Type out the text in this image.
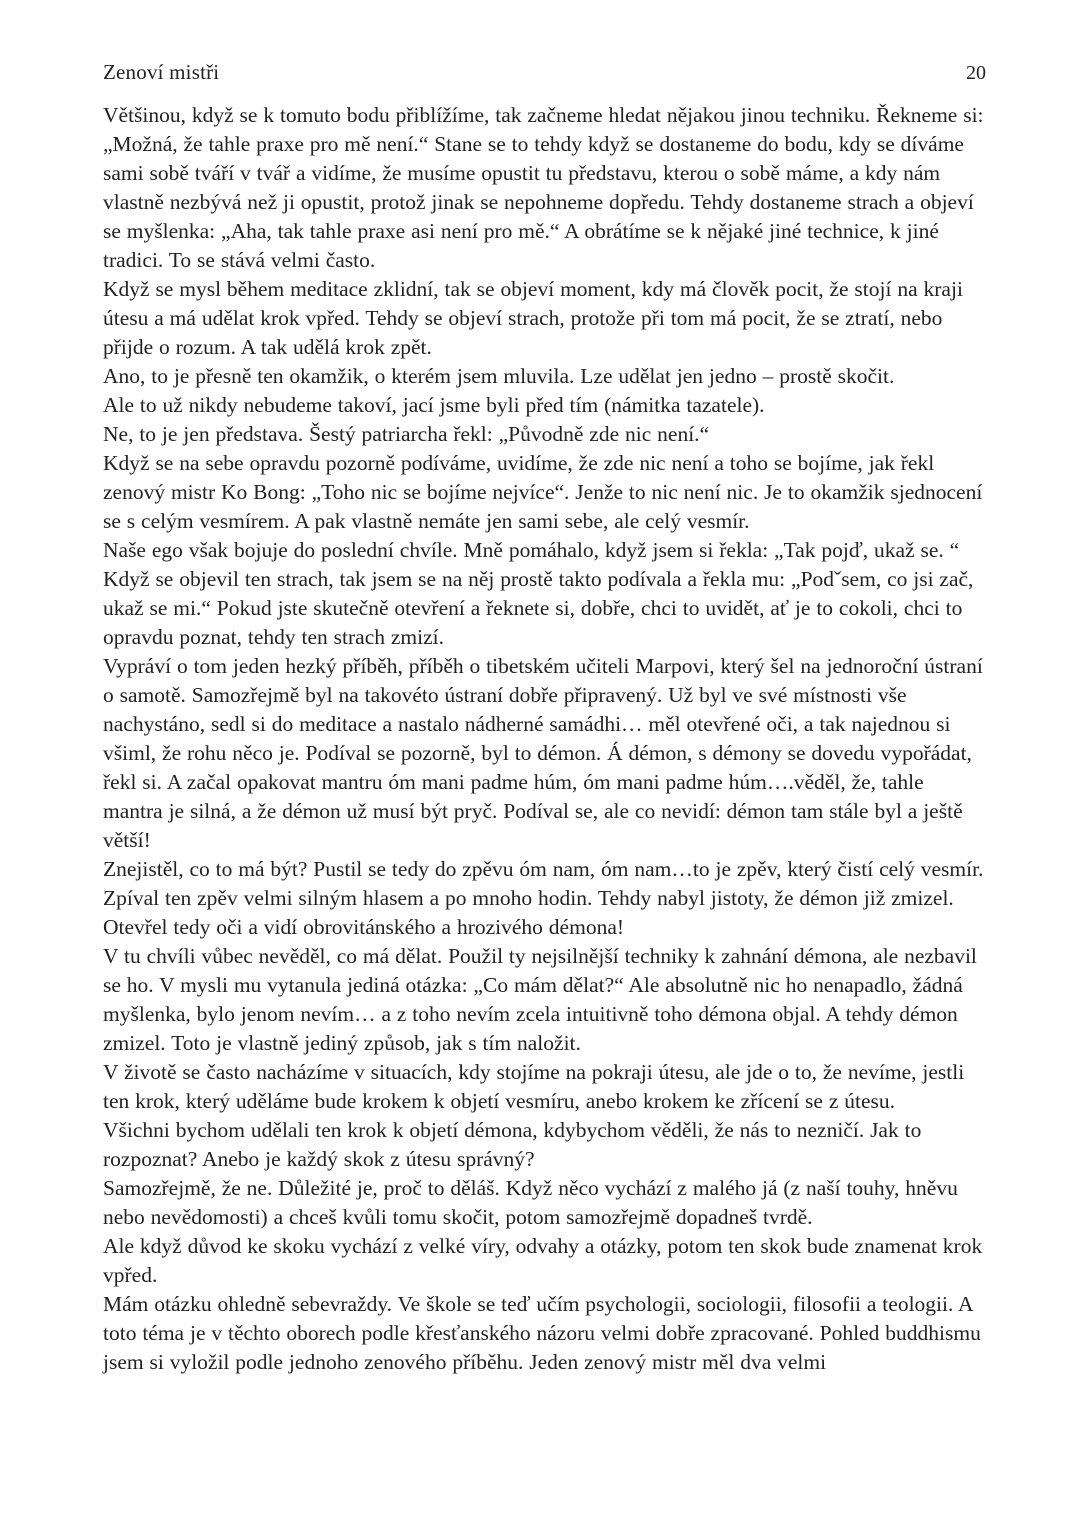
Zenoví mistři	20

Většinou, když se k tomuto bodu přiblížíme, tak začneme hledat nějakou jinou techniku. Řekneme si: „Možná, že tahle praxe pro mě není.“ Stane se to tehdy když se dostaneme do bodu, kdy se díváme sami sobě tváří v tvář a vidíme, že musíme opustit tu představu, kterou o sobě máme, a kdy nám vlastně nezbývá než ji opustit, protož jinak se nepohneme dopředu. Tehdy dostaneme strach a objeví se myšlenka: „Aha, tak tahle praxe asi není pro mě.“ A obrátíme se k nějaké jiné technice, k jiné tradici. To se stává velmi často.

Když se mysl během meditace zklidní, tak se objeví moment, kdy má člověk pocit, že stojí na kraji útesu a má udělat krok vpřed. Tehdy se objeví strach, protože při tom má pocit, že se ztratí, nebo přijde o rozum. A tak udělá krok zpět.

Ano, to je přesně ten okamžik, o kterém jsem mluvila. Lze udělat jen jedno – prostě skočit.

Ale to už nikdy nebudeme takoví, jací jsme byli před tím (námitka tazatele).

Ne, to je jen představa. Šestý patriarcha řekl: „Původně zde nic není.“

Když se na sebe opravdu pozorně podíváme, uvidíme, že zde nic není a toho se bojíme, jak řekl zenový mistr Ko Bong: „Toho nic se bojíme nejvíce“. Jenže to nic není nic. Je to okamžik sjednocení se s celým vesmírem. A pak vlastně nemáte jen sami sebe, ale celý vesmír.

Naše ego však bojuje do poslední chvíle. Mně pomáhalo, když jsem si řekla: „Tak pojď, ukaž se. “ Když se objevil ten strach, tak jsem se na něj prostě takto podívala a řekla mu: „Podˇsem, co jsi zač, ukaž se mi.“ Pokud jste skutečně otevření a řeknete si, dobře, chci to uvidět, ať je to cokoli, chci to opravdu poznat, tehdy ten strach zmizí.

Vypráví o tom jeden hezký příběh, příběh o tibetském učiteli Marpovi, který šel na jednoroční ústraní o samotě. Samozřejmě byl na takovéto ústraní dobře připravený. Už byl ve své místnosti vše nachystáno, sedl si do meditace a nastalo nádherné samádhi… měl otevřené oči, a tak najednou si všiml, že rohu něco je. Podíval se pozorně, byl to démon. Á démon, s démony se dovedu vypořádat, řekl si. A začal opakovat mantru óm mani padme húm, óm mani padme húm….věděl, že, tahle mantra je silná, a že démon už musí být pryč. Podíval se, ale co nevidí: démon tam stále byl a ještě větší!

Znejistěl, co to má být? Pustil se tedy do zpěvu óm nam, óm nam…to je zpěv, který čistí celý vesmír. Zpíval ten zpěv velmi silným hlasem a po mnoho hodin. Tehdy nabyl jistoty, že démon již zmizel. Otevřel tedy oči a vidí obrovitánského a hrozivého démona!

V tu chvíli vůbec nevěděl, co má dělat. Použil ty nejsilnější techniky k zahnání démona, ale nezbavil se ho. V mysli mu vytanula jediná otázka: „Co mám dělat?“ Ale absolutně nic ho nenapadlo, žádná myšlenka, bylo jenom nevím… a z toho nevím zcela intuitivně toho démona objal. A tehdy démon zmizel. Toto je vlastně jediný způsob, jak s tím naložit.

V životě se často nacházíme v situacích, kdy stojíme na pokraji útesu, ale jde o to, že nevíme, jestli ten krok, který uděláme bude krokem k objetí vesmíru, anebo krokem ke zřícení se z útesu.

Všichni bychom udělali ten krok k objetí démona, kdybychom věděli, že nás to nezničí. Jak to rozpoznat? Anebo je každý skok z útesu správný?

Samozřejmě, že ne. Důležité je, proč to děláš. Když něco vychází z malého já (z naší touhy, hněvu nebo nevědomosti) a chceš kvůli tomu skočit, potom samozřejmě dopadneš tvrdě.

Ale když důvod ke skoku vychází z velké víry, odvahy a otázky, potom ten skok bude znamenat krok vpřed.

Mám otázku ohledně sebevraždy. Ve škole se teď učím psychologii, sociologii, filosofii a teologii. A toto téma je v těchto oborech podle křesťanského názoru velmi dobře zpracované. Pohled buddhismu jsem si vyložil podle jednoho zenového příběhu. Jeden zenový mistr měl dva velmi
